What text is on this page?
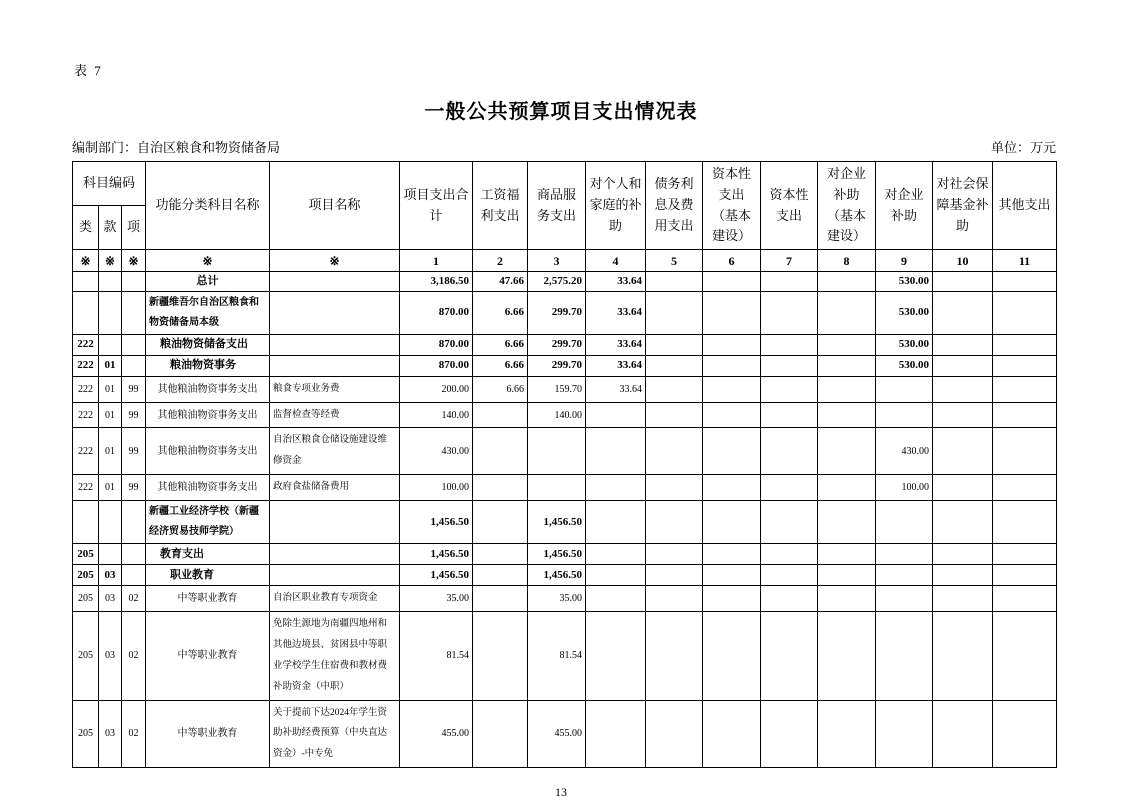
表 7
一般公共预算项目支出情况表
编制部门：自治区粮食和物资储备局	单位：万元
科目编码			功能分类科目名称	项目名称	项目支出合计	工资福利支出	商品服务支出	对个人和家庭的补助	债务利息及费用支出	资本性支出（基本建设）	资本性支出	对企业补助（基本建设）	对企业补助	对社会保障基金补助	其他支出
类	款	项													
※	※	※	※	※	1	2	3	4	5	6	7	8	9	10	11
			总计		3,186.50	47.66	2,575.20	33.64					530.00		
			新疆维吾尔自治区粮食和物资储备局本级		870.00	6.66	299.70	33.64					530.00		
222			粮油物资储备支出		870.00	6.66	299.70	33.64					530.00		
222	01		粮油物资事务		870.00	6.66	299.70	33.64					530.00		
222	01	99	其他粮油物资事务支出	粮食专项业务费	200.00	6.66	159.70	33.64							
222	01	99	其他粮油物资事务支出	监督检查等经费	140.00		140.00								
222	01	99	其他粮油物资事务支出	自治区粮食仓储设施建设维修资金	430.00								430.00		
222	01	99	其他粮油物资事务支出	政府食盐储备费用	100.00								100.00		
			新疆工业经济学校（新疆经济贸易技师学院）		1,456.50		1,456.50								
205			教育支出		1,456.50		1,456.50								
205	03		职业教育		1,456.50		1,456.50								
205	03	02	中等职业教育	自治区职业教育专项资金	35.00		35.00								
205	03	02	中等职业教育	免除生源地为南疆四地州和其他边境县、贫困县中等职业学校学生住宿费和教材费补助资金（中职）	81.54		81.54								
205	03	02	中等职业教育	关于提前下达2024年学生资助补助经费预算（中央直达资金）-中专免	455.00		455.00								
13
